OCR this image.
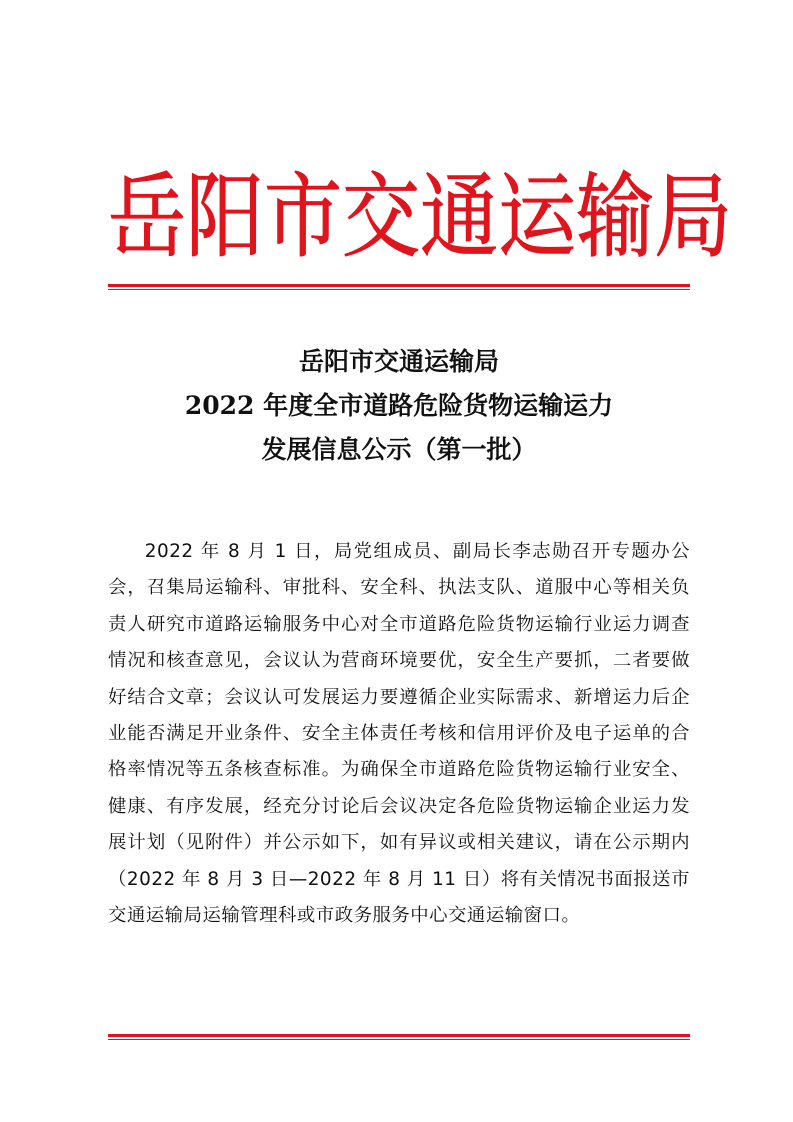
岳 阳 市 交 通 运 输 局
岳阳市交通运输局
2022 年度全市道路危险货物运输运力
发展信息公示（第一批）

2022 年 8 月 1 日，局党组成员、副局长李志勋召开专题办公会，召集局运输科、审批科、安全科、执法支队、道服中心等相关负责人研究市道路运输服务中心对全市道路危险货物运输行业运力调查情况和核查意见，会议认为营商环境要优，安全生产要抓，二者要做好结合文章；会议认可发展运力要遵循企业实际需求、新增运力后企业能否满足开业条件、安全主体责任考核和信用评价及电子运单的合格率情况等五条核查标准。为确保全市道路危险货物运输行业安全、健康、有序发展，经充分讨论后会议决定各危险货物运输企业运力发展计划（见附件）并公示如下，如有异议或相关建议，请在公示期内（2022 年 8 月 3 日—2022 年 8 月 11 日）将有关情况书面报送市交通运输局运输管理科或市政务服务中心交通运输窗口。
